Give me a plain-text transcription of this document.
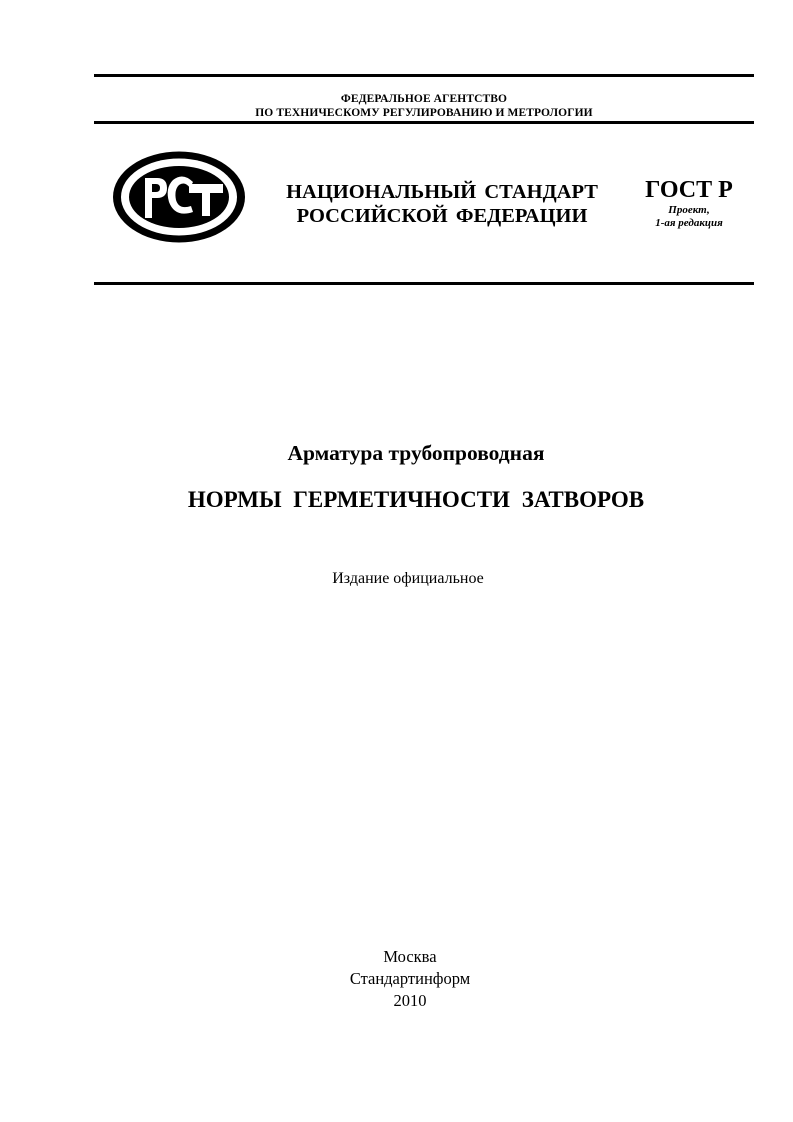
ФЕДЕРАЛЬНОЕ АГЕНТСТВО
ПО ТЕХНИЧЕСКОМУ РЕГУЛИРОВАНИЮ И МЕТРОЛОГИИ
НАЦИОНАЛЬНЫЙ СТАНДАРТ
РОССИЙСКОЙ ФЕДЕРАЦИИ
ГОСТ Р
Проект,
1-ая редакция
Арматура трубопроводная
НОРМЫ ГЕРМЕТИЧНОСТИ ЗАТВОРОВ
Издание официальное
Москва
Стандартинформ
2010
